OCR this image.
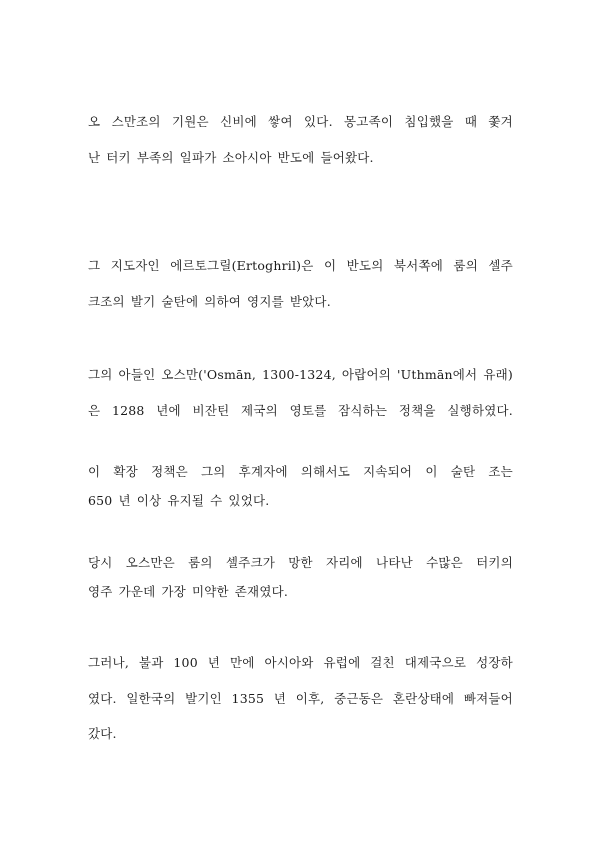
오 스만조의 기원은 신비에 쌓여 있다. 몽고족이 침입했을 때 쫓겨
난 터키 부족의 일파가 소아시아 반도에 들어왔다.
그 지도자인 에르토그릴(Ertoghril)은 이 반도의 북서쪽에 룸의 셀주
크조의 발기 술탄에 의하여 영지를 받았다.
그의 아들인 오스만('Osmān, 1300-1324, 아랍어의 'Uthmān에서 유래)
은 1288 년에 비잔틴 제국의 영토를 잠식하는 정책을 실행하였다.
이 확장 정책은 그의 후계자에 의해서도 지속되어 이 술탄 조는
650 년 이상 유지될 수 있었다.
당시 오스만은 룸의 셀주크가 망한 자리에 나타난 수많은 터키의
영주 가운데 가장 미약한 존재였다.
그러나, 불과 100 년 만에 아시아와 유럽에 걸친 대제국으로 성장하
였다. 일한국의 발기인 1355 년 이후, 중근동은 혼란상태에 빠져들어
갔다.
